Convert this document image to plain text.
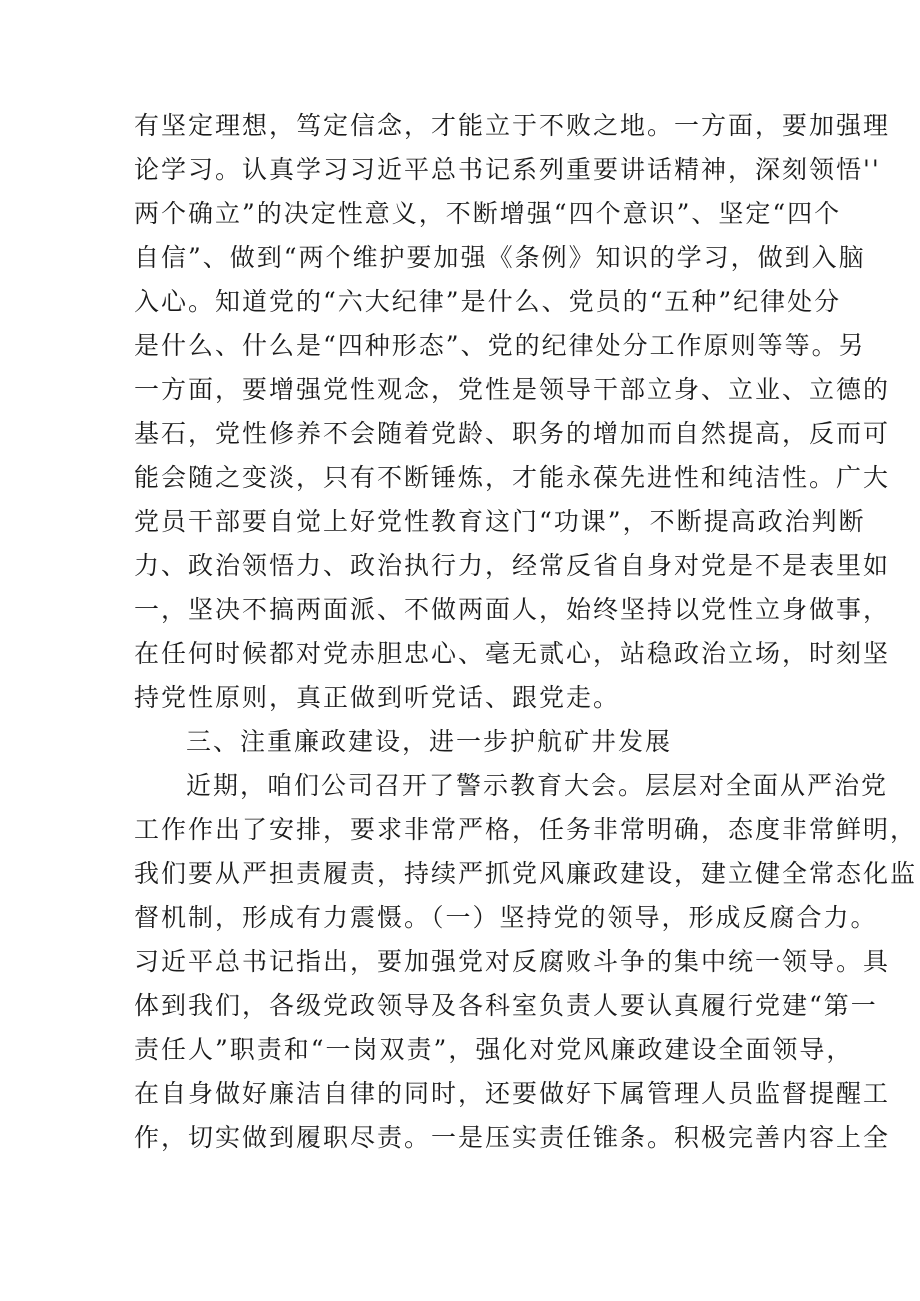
有坚定理想，笃定信念，才能立于不败之地。一方面，要加强理
论学习。认真学习习近平总书记系列重要讲话精神，深刻领悟''
两个确立”的决定性意义，不断增强“四个意识”、坚定“四个
自信”、做到“两个维护要加强《条例》知识的学习，做到入脑
入心。知道党的“六大纪律”是什么、党员的“五种”纪律处分
是什么、什么是“四种形态”、党的纪律处分工作原则等等。另
一方面，要增强党性观念，党性是领导干部立身、立业、立德的
基石，党性修养不会随着党龄、职务的增加而自然提高，反而可
能会随之变淡，只有不断锤炼，才能永葆先进性和纯洁性。广大
党员干部要自觉上好党性教育这门“功课”，不断提高政治判断
力、政治领悟力、政治执行力，经常反省自身对党是不是表里如
一，坚决不搞两面派、不做两面人，始终坚持以党性立身做事，
在任何时候都对党赤胆忠心、毫无贰心，站稳政治立场，时刻坚
持党性原则，真正做到听党话、跟党走。
三、注重廉政建设，进一步护航矿井发展
近期，咱们公司召开了警示教育大会。层层对全面从严治党
工作作出了安排，要求非常严格，任务非常明确，态度非常鲜明，
我们要从严担责履责，持续严抓党风廉政建设，建立健全常态化监
督机制，形成有力震慑。（一）坚持党的领导，形成反腐合力。
习近平总书记指出，要加强党对反腐败斗争的集中统一领导。具
体到我们，各级党政领导及各科室负责人要认真履行党建“第一
责任人”职责和“一岗双责”，强化对党风廉政建设全面领导，
在自身做好廉洁自律的同时，还要做好下属管理人员监督提醒工
作，切实做到履职尽责。一是压实责任锥条。积极完善内容上全
